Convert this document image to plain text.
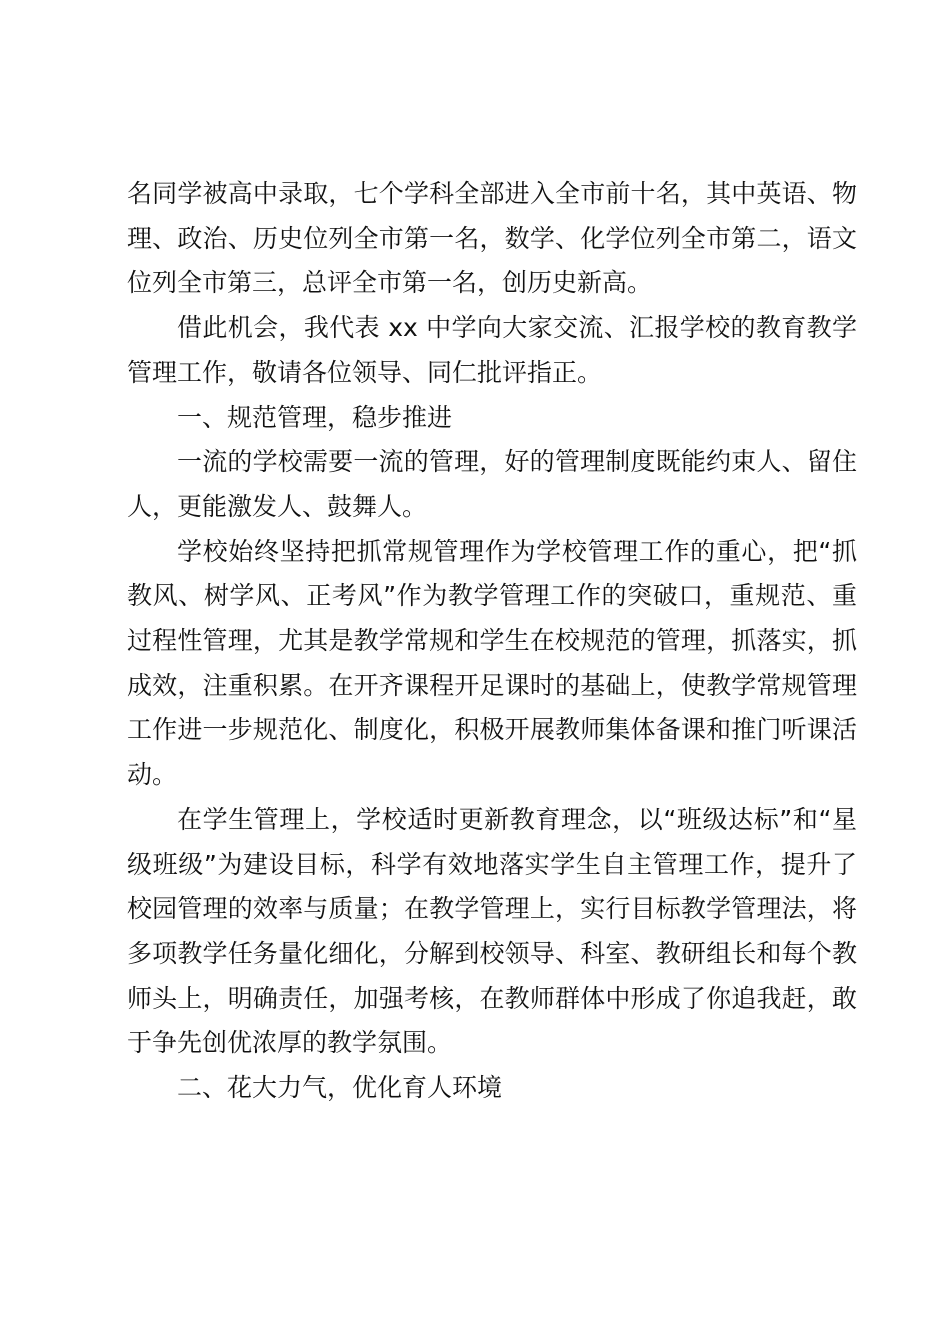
名同学被高中录取，七个学科全部进入全市前十名，其中英语、物理、政治、历史位列全市第一名，数学、化学位列全市第二，语文位列全市第三，总评全市第一名，创历史新高。

借此机会，我代表 xx 中学向大家交流、汇报学校的教育教学管理工作，敬请各位领导、同仁批评指正。

一、规范管理，稳步推进

一流的学校需要一流的管理，好的管理制度既能约束人、留住人，更能激发人、鼓舞人。

学校始终坚持把抓常规管理作为学校管理工作的重心，把“抓教风、树学风、正考风”作为教学管理工作的突破口，重规范、重过程性管理，尤其是教学常规和学生在校规范的管理，抓落实，抓成效，注重积累。在开齐课程开足课时的基础上，使教学常规管理工作进一步规范化、制度化，积极开展教师集体备课和推门听课活动。

在学生管理上，学校适时更新教育理念，以“班级达标”和“星级班级”为建设目标，科学有效地落实学生自主管理工作，提升了校园管理的效率与质量；在教学管理上，实行目标教学管理法，将多项教学任务量化细化，分解到校领导、科室、教研组长和每个教师头上，明确责任，加强考核，在教师群体中形成了你追我赶，敢于争先创优浓厚的教学氛围。

二、花大力气，优化育人环境
